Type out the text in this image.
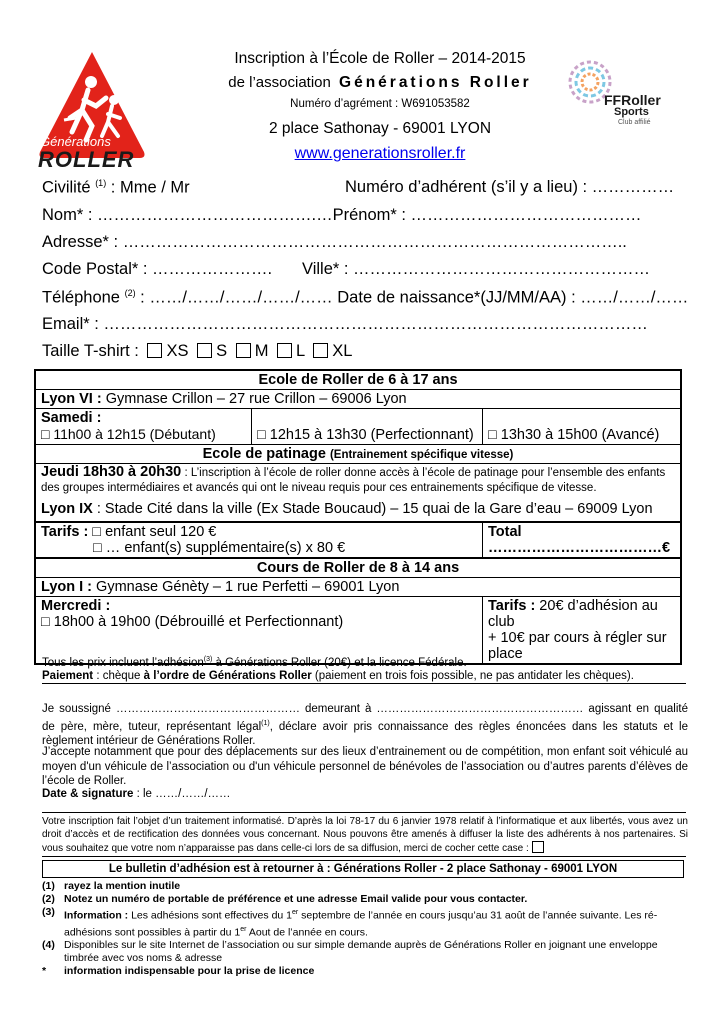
Générations
ROLLER
FFRoller
Sports
Club affilié
Inscription à l’École de Roller – 2014-2015
de l’association Générations Roller
Numéro d’agrément : W691053582
2 place Sathonay - 69001 LYON
www.generationsroller.fr
Civilité $^{(1)}$ : Mme / Mr	Numéro d’adhérent (s’il y a lieu) : ……………
Nom* : ………………………………….…Prénom* : ……………………………………
Adresse* : ………………………………………………………………………………..
Code Postal* : …………………. Ville* : ………………………………………………
Téléphone $^{(2)}$ : ……/……/……/……/…… Date de naissance*(JJ/MM/AA) : ……/……/……
Email* : ………………………………………………………………………………………
Taille T-shirt : XS S M L XL
Ecole de Roller de 6 à 17 ans		
Lyon VI : Gymnase Crillon – 27 rue Crillon – 69006 Lyon		
Samedi :
□ 11h00 à 12h15 (Débutant)	□ 12h15 à 13h30 (Perfectionnant)	□ 13h30 à 15h00 (Avancé)
Ecole de patinage (Entrainement spécifique vitesse)		
Jeudi 18h30 à 20h30 : L’inscription à l’école de roller donne accès à l’école de patinage pour l’ensemble des enfants des groupes intermédiaires et avancés qui ont le niveau requis pour ces entrainements spécifique de vitesse.
Lyon IX : Stade Cité dans la ville (Ex Stade Boucaud) – 15 quai de la Gare d’eau – 69009 Lyon		

Tarifs : □ enfant seul 120 €
□ … enfant(s) supplémentaire(s) x 80 €		Total ………………………………€
Cours de Roller de 8 à 14 ans		
Lyon I : Gymnase Génèty – 1 rue Perfetti – 69001 Lyon		
Mercredi :
□ 18h00 à 19h00 (Débrouillé et Perfectionnant)		Tarifs : 20€ d’adhésion au club
+ 10€ par cours à régler sur place
Tous les prix incluent l’adhésion$^{(3)}$ à Générations Roller (20€) et la licence Fédérale.
Paiement : chèque à l’ordre de Générations Roller (paiement en trois fois possible, ne pas antidater les chèques).
Je soussigné ………………………………………… demeurant à ……………………………………………… agissant en qualité de père, mère, tuteur, représentant légal$^{(1)}$, déclare avoir pris connaissance des règles énoncées dans les statuts et le règlement intérieur de Générations Roller.
J’accepte notamment que pour des déplacements sur des lieux d’entrainement ou de compétition, mon enfant soit véhiculé au moyen d'un véhicule de l’association ou d'un véhicule personnel de bénévoles de l’association ou d’autres parents d’élèves de l’école de Roller.
Date & signature : le ……/……/……
Votre inscription fait l’objet d’un traitement informatisé. D’après la loi 78-17 du 6 janvier 1978 relatif à l’informatique et aux libertés, vous avez un droit d’accès et de rectification des données vous concernant. Nous pouvons être amenés à diffuser la liste des adhérents à nos partenaires. Si vous souhaitez que votre nom n’apparaisse pas dans celle-ci lors de sa diffusion, merci de cocher cette case :
Le bulletin d’adhésion est à retourner à : Générations Roller - 2 place Sathonay - 69001 LYON
(1) rayez la mention inutile
(2) Notez un numéro de portable de préférence et une adresse Email valide pour vous contacter.
(3) Information : Les adhésions sont effectives du 1er septembre de l’année en cours jusqu’au 31 août de l’année suivante. Les ré-adhésions sont possibles à partir du 1er Aout de l’année en cours.
(4) Disponibles sur le site Internet de l’association ou sur simple demande auprès de Générations Roller en joignant une enveloppe timbrée avec vos noms & adresse
*	information indispensable pour la prise de licence
